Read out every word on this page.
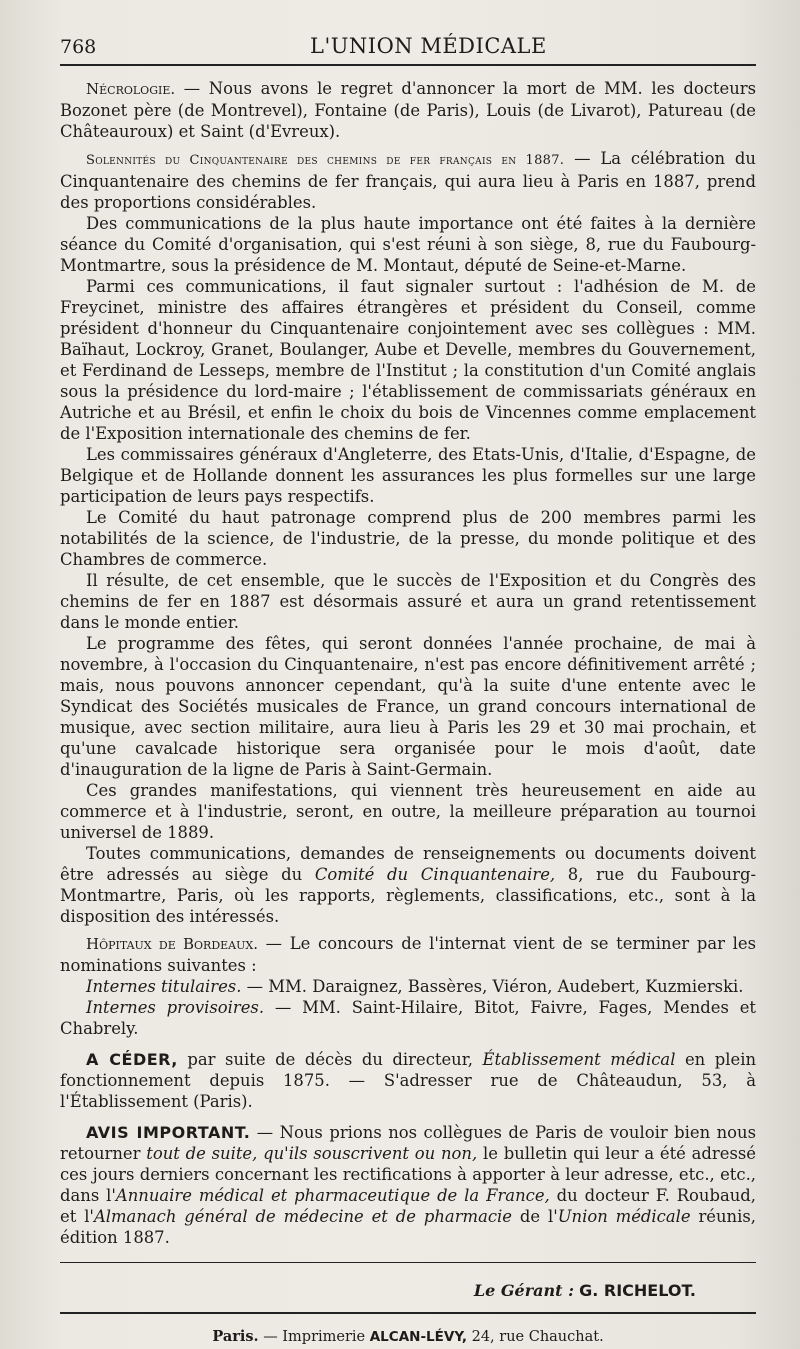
768	L'UNION MÉDICALE

Nécrologie. — Nous avons le regret d'annoncer la mort de MM. les docteurs Bozonet père (de Montrevel), Fontaine (de Paris), Louis (de Livarot), Patureau (de Châteauroux) et Saint (d'Evreux).

Solennités du Cinquantenaire des chemins de fer français en 1887. — La célébration du Cinquantenaire des chemins de fer français, qui aura lieu à Paris en 1887, prend des proportions considérables.

Des communications de la plus haute importance ont été faites à la dernière séance du Comité d'organisation, qui s'est réuni à son siège, 8, rue du Faubourg-Montmartre, sous la présidence de M. Montaut, député de Seine-et-Marne.

Parmi ces communications, il faut signaler surtout : l'adhésion de M. de Freycinet, ministre des affaires étrangères et président du Conseil, comme président d'honneur du Cinquantenaire conjointement avec ses collègues : MM. Baïhaut, Lockroy, Granet, Boulanger, Aube et Develle, membres du Gouvernement, et Ferdinand de Lesseps, membre de l'Institut ; la constitution d'un Comité anglais sous la présidence du lord-maire ; l'établissement de commissariats généraux en Autriche et au Brésil, et enfin le choix du bois de Vincennes comme emplacement de l'Exposition internationale des chemins de fer.

Les commissaires généraux d'Angleterre, des Etats-Unis, d'Italie, d'Espagne, de Belgique et de Hollande donnent les assurances les plus formelles sur une large participation de leurs pays respectifs.

Le Comité du haut patronage comprend plus de 200 membres parmi les notabilités de la science, de l'industrie, de la presse, du monde politique et des Chambres de commerce.

Il résulte, de cet ensemble, que le succès de l'Exposition et du Congrès des chemins de fer en 1887 est désormais assuré et aura un grand retentissement dans le monde entier.

Le programme des fêtes, qui seront données l'année prochaine, de mai à novembre, à l'occasion du Cinquantenaire, n'est pas encore définitivement arrêté ; mais, nous pouvons annoncer cependant, qu'à la suite d'une entente avec le Syndicat des Sociétés musicales de France, un grand concours international de musique, avec section militaire, aura lieu à Paris les 29 et 30 mai prochain, et qu'une cavalcade historique sera organisée pour le mois d'août, date d'inauguration de la ligne de Paris à Saint-Germain.

Ces grandes manifestations, qui viennent très heureusement en aide au commerce et à l'industrie, seront, en outre, la meilleure préparation au tournoi universel de 1889.

Toutes communications, demandes de renseignements ou documents doivent être adressés au siège du Comité du Cinquantenaire, 8, rue du Faubourg-Montmartre, Paris, où les rapports, règlements, classifications, etc., sont à la disposition des intéressés.

Hôpitaux de Bordeaux. — Le concours de l'internat vient de se terminer par les nominations suivantes :

Internes titulaires. — MM. Daraignez, Bassères, Viéron, Audebert, Kuzmierski.

Internes provisoires. — MM. Saint-Hilaire, Bitot, Faivre, Fages, Mendes et Chabrely.

A CÉDER, par suite de décès du directeur, Établissement médical en plein fonctionnement depuis 1875. — S'adresser rue de Châteaudun, 53, à l'Établissement (Paris).
AVIS IMPORTANT. — Nous prions nos collègues de Paris de vouloir bien nous retourner tout de suite, qu'ils souscrivent ou non, le bulletin qui leur a été adressé ces jours derniers concernant les rectifications à apporter à leur adresse, etc., etc., dans l'Annuaire médical et pharmaceutique de la France, du docteur F. Roubaud, et l'Almanach général de médecine et de pharmacie de l'Union médicale réunis, édition 1887.
Le Gérant : G. RICHELOT.
Paris. — Imprimerie ALCAN-LÉVY, 24, rue Chauchat.
